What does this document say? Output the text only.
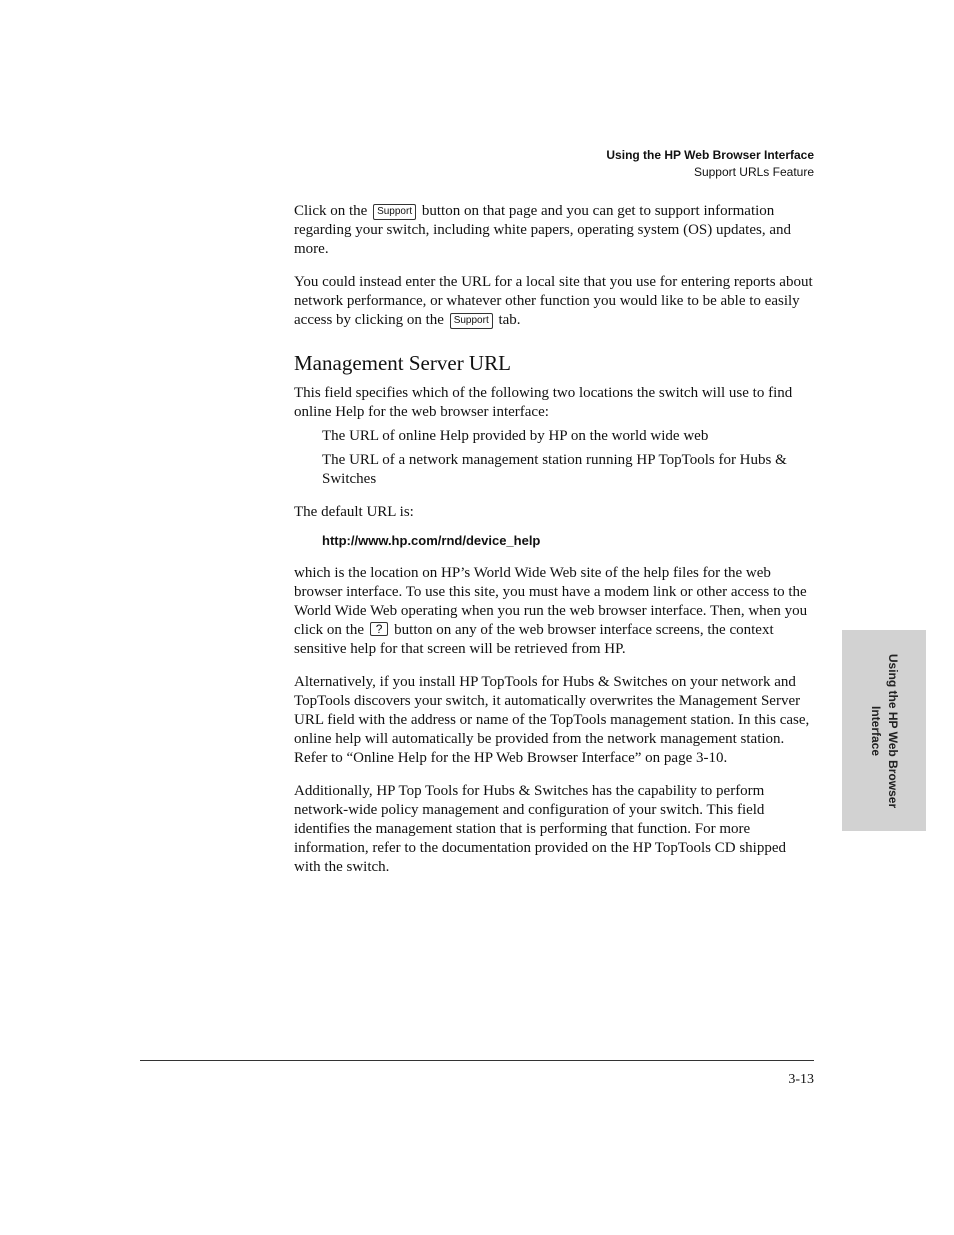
Using the HP Web Browser Interface
Support URLs Feature

Click on the Support button on that page and you can get to support information regarding your switch, including white papers, operating system (OS) updates, and more.

You could instead enter the URL for a local site that you use for entering reports about network performance, or whatever other function you would like to be able to easily access by clicking on the Support tab.

Management Server URL

This field specifies which of the following two locations the switch will use to find online Help for the web browser interface:

The URL of online Help provided by HP on the world wide web
The URL of a network management station running HP TopTools for Hubs & Switches

The default URL is:

http://www.hp.com/rnd/device_help

which is the location on HP’s World Wide Web site of the help files for the web browser interface. To use this site, you must have a modem link or other access to the World Wide Web operating when you run the web browser interface. Then, when you click on the ? button on any of the web browser interface screens, the context sensitive help for that screen will be retrieved from HP.

Alternatively, if you install HP TopTools for Hubs & Switches on your network and TopTools discovers your switch, it automatically overwrites the Management Server URL field with the address or name of the TopTools management station. In this case, online help will automatically be provided from the network management station. Refer to “Online Help for the HP Web Browser Interface” on page 3-10.

Additionally, HP Top Tools for Hubs & Switches has the capability to perform network-wide policy management and configuration of your switch. This field identifies the management station that is performing that function. For more information, refer to the documentation provided on the HP TopTools CD shipped with the switch.

3-13
Using the HP Web Browser Interface
